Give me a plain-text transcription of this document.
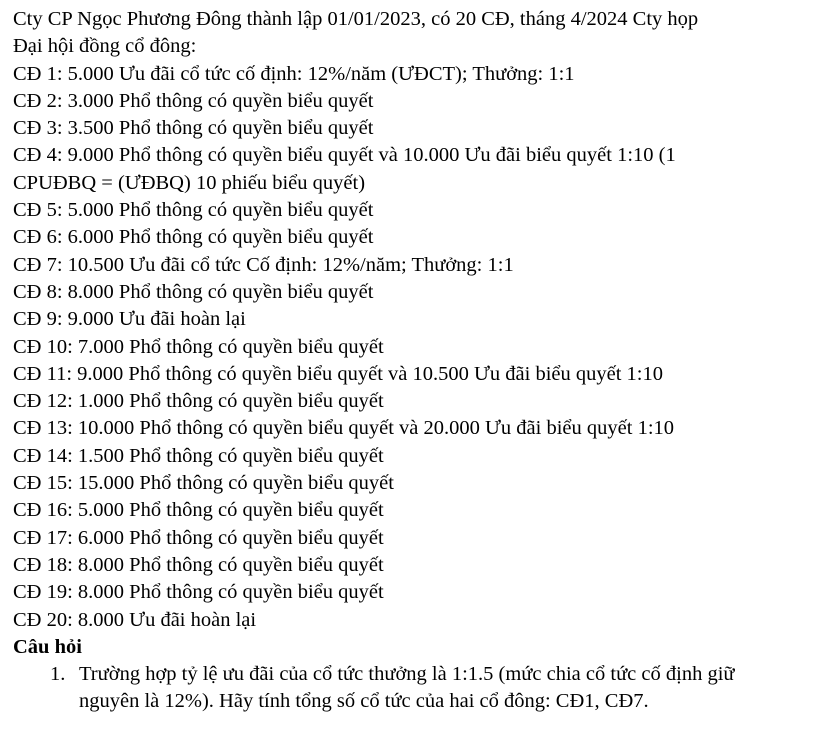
Cty CP Ngọc Phương Đông thành lập 01/01/2023, có 20 CĐ, tháng 4/2024 Cty họp

Đại hội đồng cổ đông:

CĐ 1: 5.000 Ưu đãi cổ tức cố định: 12%/năm (ƯĐCT); Thưởng: 1:1

CĐ 2: 3.000 Phổ thông có quyền biểu quyết

CĐ 3: 3.500 Phổ thông có quyền biểu quyết

CĐ 4: 9.000 Phổ thông có quyền biểu quyết và 10.000 Ưu đãi biểu quyết 1:10 (1

CPUĐBQ = (ƯĐBQ) 10 phiếu biểu quyết)

CĐ 5: 5.000 Phổ thông có quyền biểu quyết

CĐ 6: 6.000 Phổ thông có quyền biểu quyết

CĐ 7: 10.500 Ưu đãi cổ tức Cố định: 12%/năm; Thưởng: 1:1

CĐ 8: 8.000 Phổ thông có quyền biểu quyết

CĐ 9: 9.000 Ưu đãi hoàn lại

CĐ 10: 7.000 Phổ thông có quyền biểu quyết

CĐ 11: 9.000 Phổ thông có quyền biểu quyết và 10.500 Ưu đãi biểu quyết 1:10

CĐ 12: 1.000 Phổ thông có quyền biểu quyết

CĐ 13: 10.000 Phổ thông có quyền biểu quyết và 20.000 Ưu đãi biểu quyết 1:10

CĐ 14: 1.500 Phổ thông có quyền biểu quyết

CĐ 15: 15.000 Phổ thông có quyền biểu quyết

CĐ 16: 5.000 Phổ thông có quyền biểu quyết

CĐ 17: 6.000 Phổ thông có quyền biểu quyết

CĐ 18: 8.000 Phổ thông có quyền biểu quyết

CĐ 19: 8.000 Phổ thông có quyền biểu quyết

CĐ 20: 8.000 Ưu đãi hoàn lại

Câu hỏi

1. Trường hợp tỷ lệ ưu đãi của cổ tức thưởng là 1:1.5 (mức chia cổ tức cố định giữ nguyên là 12%). Hãy tính tổng số cổ tức của hai cổ đông: CĐ1, CĐ7.
